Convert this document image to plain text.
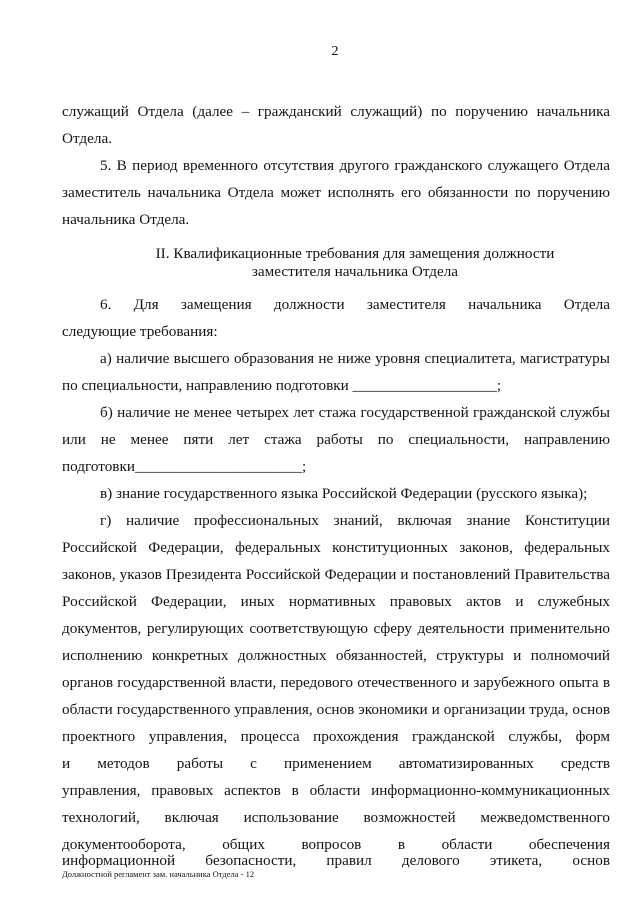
2
служащий Отдела (далее – гражданский служащий) по поручению начальника
Отдела.
5. В период временного отсутствия другого гражданского служащего Отдела
заместитель начальника Отдела может исполнять его обязанности по поручению
начальника Отдела.
II. Квалификационные требования для замещения должности
заместителя начальника Отдела
6. Для замещения должности заместителя начальника Отдела
следующие требования:
а) наличие высшего образования не ниже уровня специалитета, магистратуры
по специальности, направлению подготовки ___________________;
б) наличие не менее четырех лет стажа государственной гражданской службы
или не менее пяти лет стажа работы по специальности, направлению
подготовки______________________;
в) знание государственного языка Российской Федерации (русского языка);
г) наличие профессиональных знаний, включая знание Конституции
Российской Федерации, федеральных конституционных законов, федеральных
законов, указов Президента Российской Федерации и постановлений Правительства
Российской Федерации, иных нормативных правовых актов и служебных
документов, регулирующих соответствующую сферу деятельности применительно
исполнению конкретных должностных обязанностей, структуры и полномочий
органов государственной власти, передового отечественного и зарубежного опыта в
области государственного управления, основ экономики и организации труда, основ
проектного управления, процесса прохождения гражданской службы, форм
и методов работы с применением автоматизированных средств
управления, правовых аспектов в области информационно-коммуникационных
технологий, включая использование возможностей межведомственного
документооборота, общих вопросов в области обеспечения
информационной безопасности, правил делового этикета, основ
Должностной регламент зам. начальника Отдела - 12
